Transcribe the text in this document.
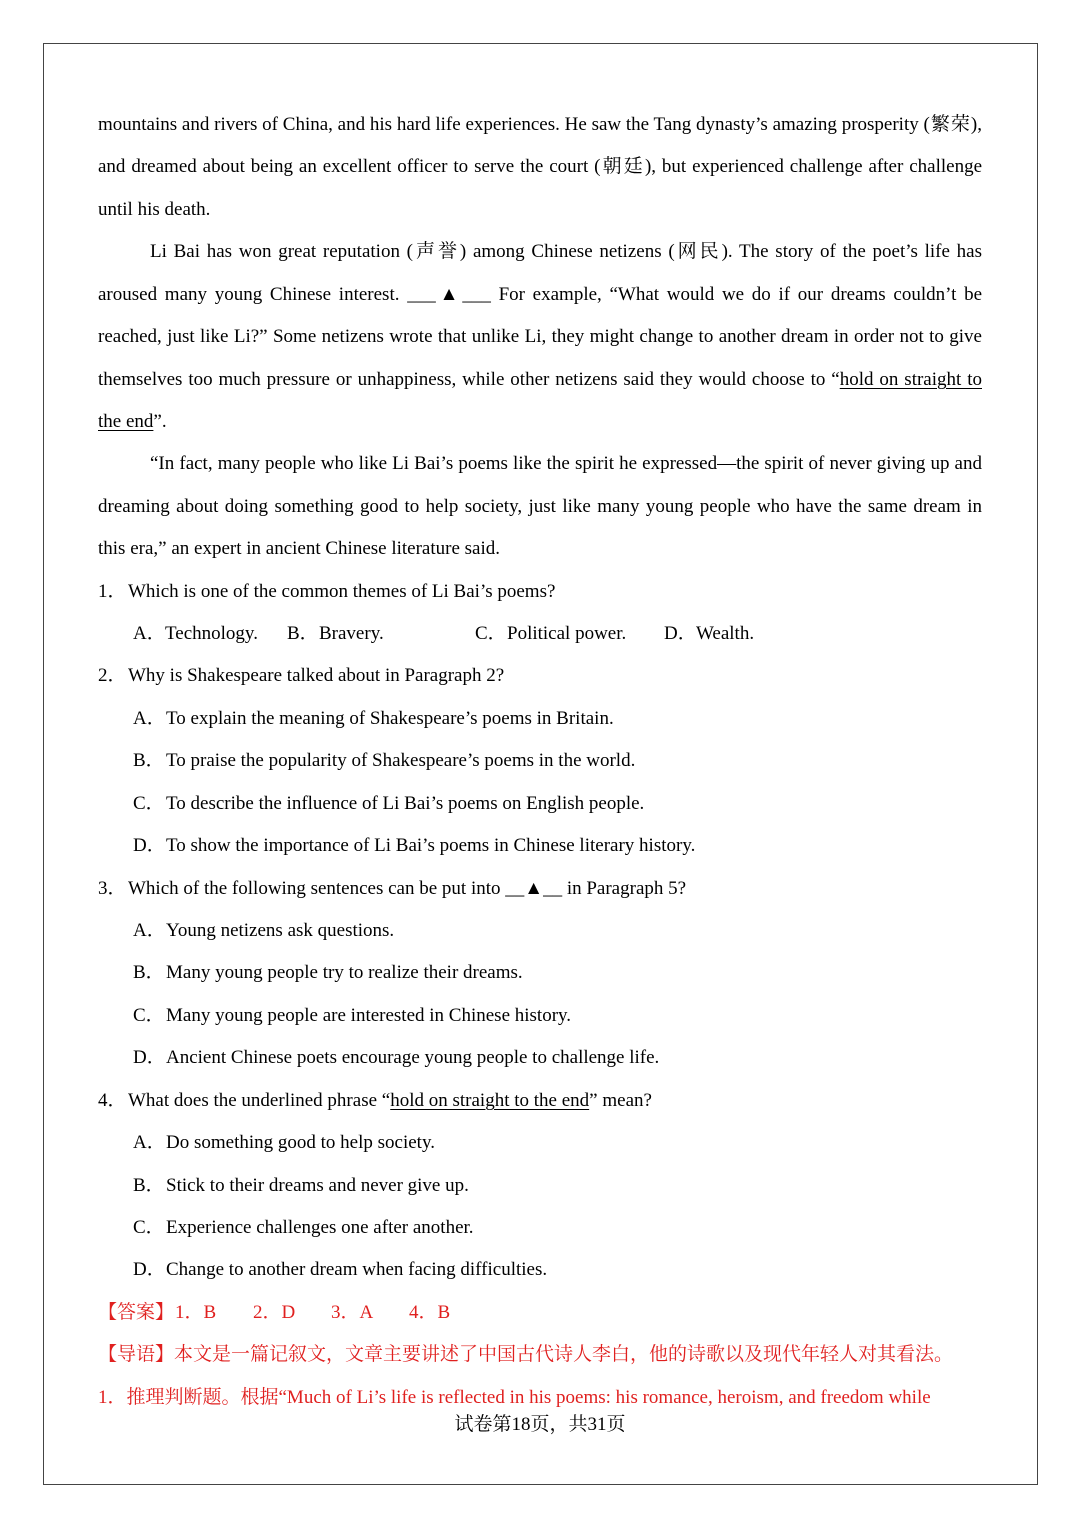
mountains and rivers of China, and his hard life experiences. He saw the Tang dynasty’s amazing prosperity (繁荣),
and dreamed about being an excellent officer to serve the court (朝廷), but experienced challenge after challenge
until his death.
Li Bai has won great reputation (声誉) among Chinese netizens (网民). The story of the poet’s life has
aroused many young Chinese interest. ___▲___ For example, “What would we do if our dreams couldn’t be
reached, just like Li?” Some netizens wrote that unlike Li, they might change to another dream in order not to give
themselves too much pressure or unhappiness, while other netizens said they would choose to “hold on straight to
the end”.
“In fact, many people who like Li Bai’s poems like the spirit he expressed—the spirit of never giving up and
dreaming about doing something good to help society, just like many young people who have the same dream in
this era,” an expert in ancient Chinese literature said.
1．Which is one of the common themes of Li Bai’s poems?
A．Technology. B．Bravery.	C．Political power. D．Wealth.
2．Why is Shakespeare talked about in Paragraph 2?
A．To explain the meaning of Shakespeare’s poems in Britain.
B．To praise the popularity of Shakespeare’s poems in the world.
C．To describe the influence of Li Bai’s poems on English people.
D．To show the importance of Li Bai’s poems in Chinese literary history.
3．Which of the following sentences can be put into __▲__ in Paragraph 5?
A．Young netizens ask questions.
B．Many young people try to realize their dreams.
C．Many young people are interested in Chinese history.
D．Ancient Chinese poets encourage young people to challenge life.
4．What does the underlined phrase “hold on straight to the end” mean?
A．Do something good to help society.
B．Stick to their dreams and never give up.
C．Experience challenges one after another.
D．Change to another dream when facing difficulties.
【答案】1．B 2．D 3．A 4．B
【导语】本文是一篇记叙文，文章主要讲述了中国古代诗人李白，他的诗歌以及现代年轻人对其看法。
1．推理判断题。根据“Much of Li’s life is reflected in his poems: his romance, heroism, and freedom while
试卷第18页，共31页
